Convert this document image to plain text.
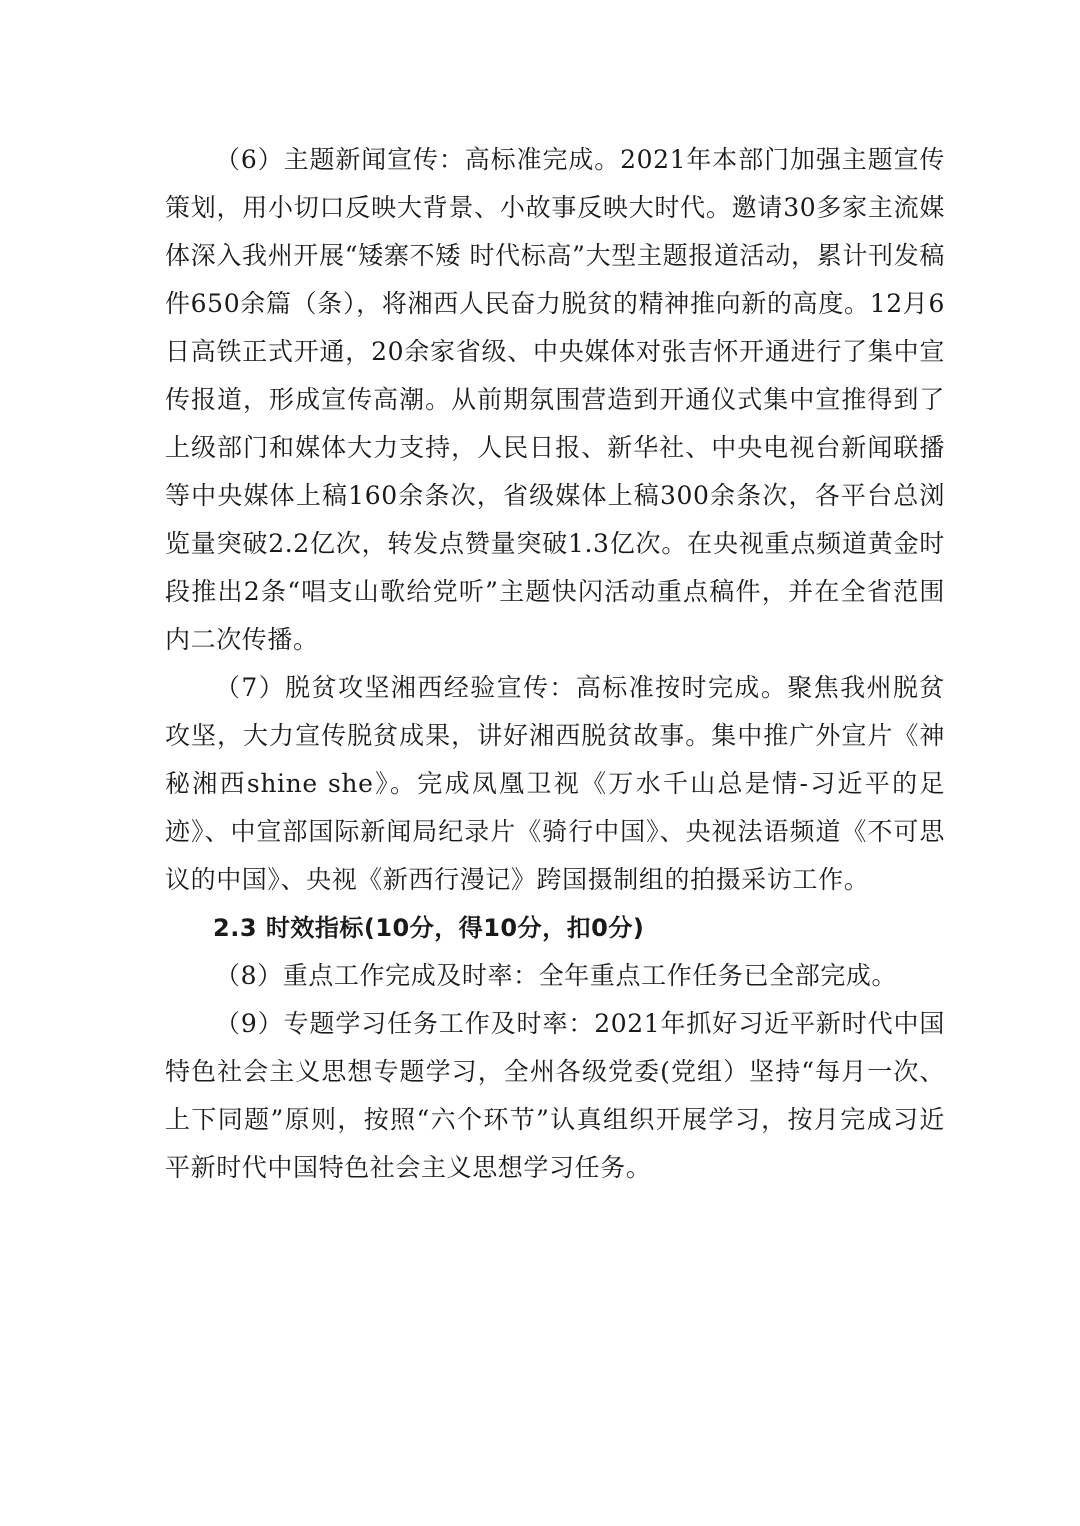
（6）主题新闻宣传：高标准完成。2021年本部门加强主题宣传策划，用小切口反映大背景、小故事反映大时代。邀请30多家主流媒体深入我州开展“矮寨不矮 时代标高”大型主题报道活动，累计刊发稿件650余篇（条），将湘西人民奋力脱贫的精神推向新的高度。12月6日高铁正式开通，20余家省级、中央媒体对张吉怀开通进行了集中宣传报道，形成宣传高潮。从前期氛围营造到开通仪式集中宣推得到了上级部门和媒体大力支持，人民日报、新华社、中央电视台新闻联播等中央媒体上稿160余条次，省级媒体上稿300余条次，各平台总浏览量突破2.2亿次，转发点赞量突破1.3亿次。在央视重点频道黄金时段推出2条“唱支山歌给党听”主题快闪活动重点稿件，并在全省范围内二次传播。

（7）脱贫攻坚湘西经验宣传：高标准按时完成。聚焦我州脱贫攻坚，大力宣传脱贫成果，讲好湘西脱贫故事。集中推广外宣片《神秘湘西shine she》。完成凤凰卫视《万水千山总是情-习近平的足迹》、中宣部国际新闻局纪录片《骑行中国》、央视法语频道《不可思议的中国》、央视《新西行漫记》跨国摄制组的拍摄采访工作。

2.3 时效指标(10分，得10分，扣0分)

（8）重点工作完成及时率：全年重点工作任务已全部完成。

（9）专题学习任务工作及时率：2021年抓好习近平新时代中国特色社会主义思想专题学习，全州各级党委(党组）坚持“每月一次、上下同题”原则，按照“六个环节”认真组织开展学习，按月完成习近平新时代中国特色社会主义思想学习任务。
